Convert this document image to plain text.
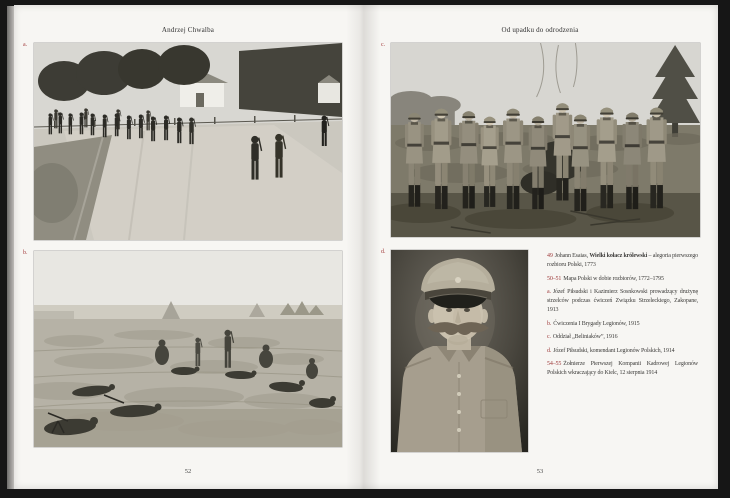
Andrzej Chwalba
a.
b.
52
Od upadku do odrodzenia
c.
d.

49 Johann Esaias, Wielki kołacz królewski – alegoria pierwszego rozbioru Polski, 1773

50–51 Mapa Polski w dobie rozbiorów, 1772–1795

a. Józef Piłsudski i Kazimierz Sosnkowski prowadzący drużynę strzelców podczas ćwiczeń Związku Strzeleckiego, Zakopane, 1913

b. Ćwiczenia I Brygady Legionów, 1915

c. Oddział „Beliniaków”, 1916

d. Józef Piłsudski, komendant Legionów Polskich, 1914

54–55 Żołnierze Pierwszej Kompanii Kadrowej Legionów Polskich wkraczający do Kielc, 12 sierpnia 1914

53
